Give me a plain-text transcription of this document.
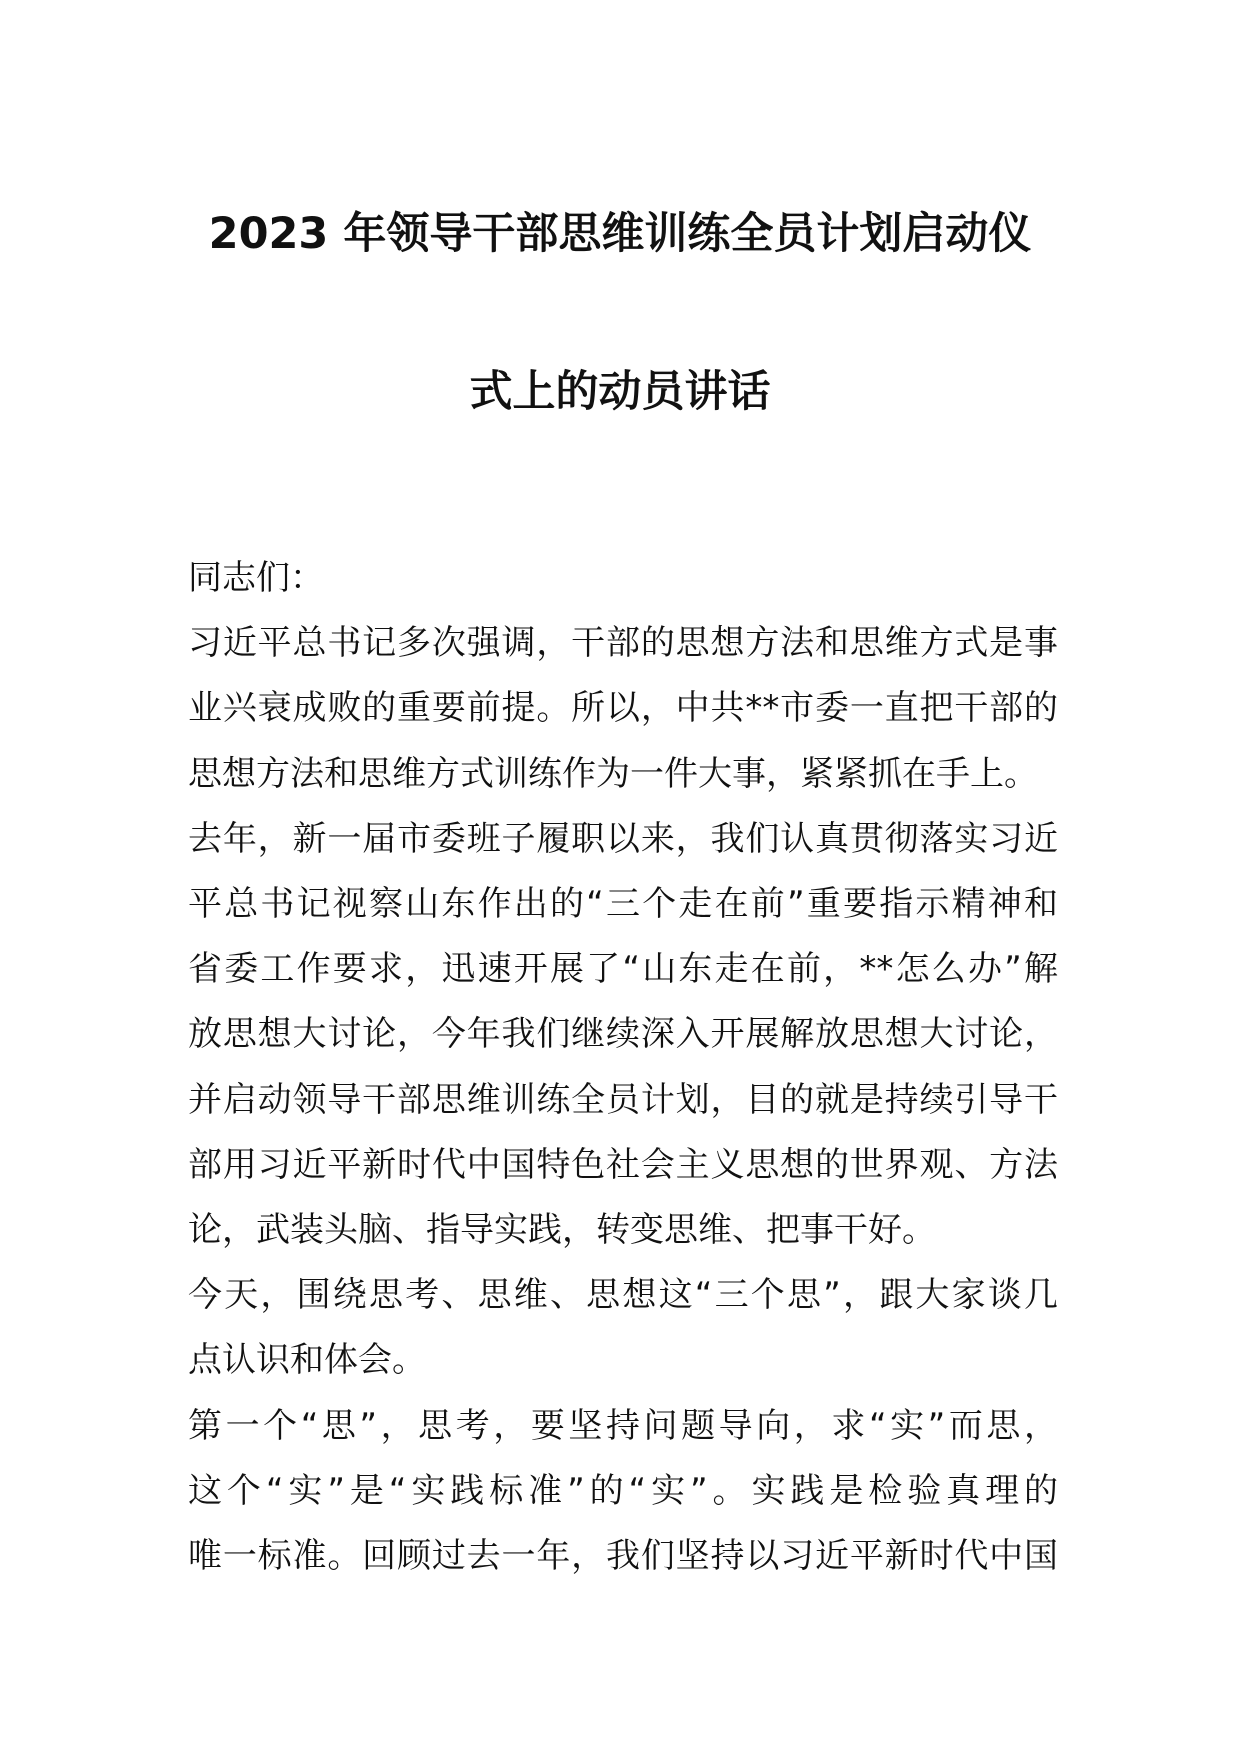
2023 年领导干部思维训练全员计划启动仪
式上的动员讲话

同志们：

习近平总书记多次强调，干部的思想方法和思维方式是事
业兴衰成败的重要前提。所以，中共**市委一直把干部的
思想方法和思维方式训练作为一件大事，紧紧抓在手上。

去年，新一届市委班子履职以来，我们认真贯彻落实习近
平总书记视察山东作出的“三个走在前”重要指示精神和
省委工作要求，迅速开展了“山东走在前，**怎么办”解
放思想大讨论，今年我们继续深入开展解放思想大讨论，
并启动领导干部思维训练全员计划，目的就是持续引导干
部用习近平新时代中国特色社会主义思想的世界观、方法
论，武装头脑、指导实践，转变思维、把事干好。

今天，围绕思考、思维、思想这“三个思”，跟大家谈几
点认识和体会。

第一个“思”，思考，要坚持问题导向，求“实”而思，
这个“实”是“实践标准”的“实”。实践是检验真理的
唯一标准。回顾过去一年，我们坚持以习近平新时代中国
